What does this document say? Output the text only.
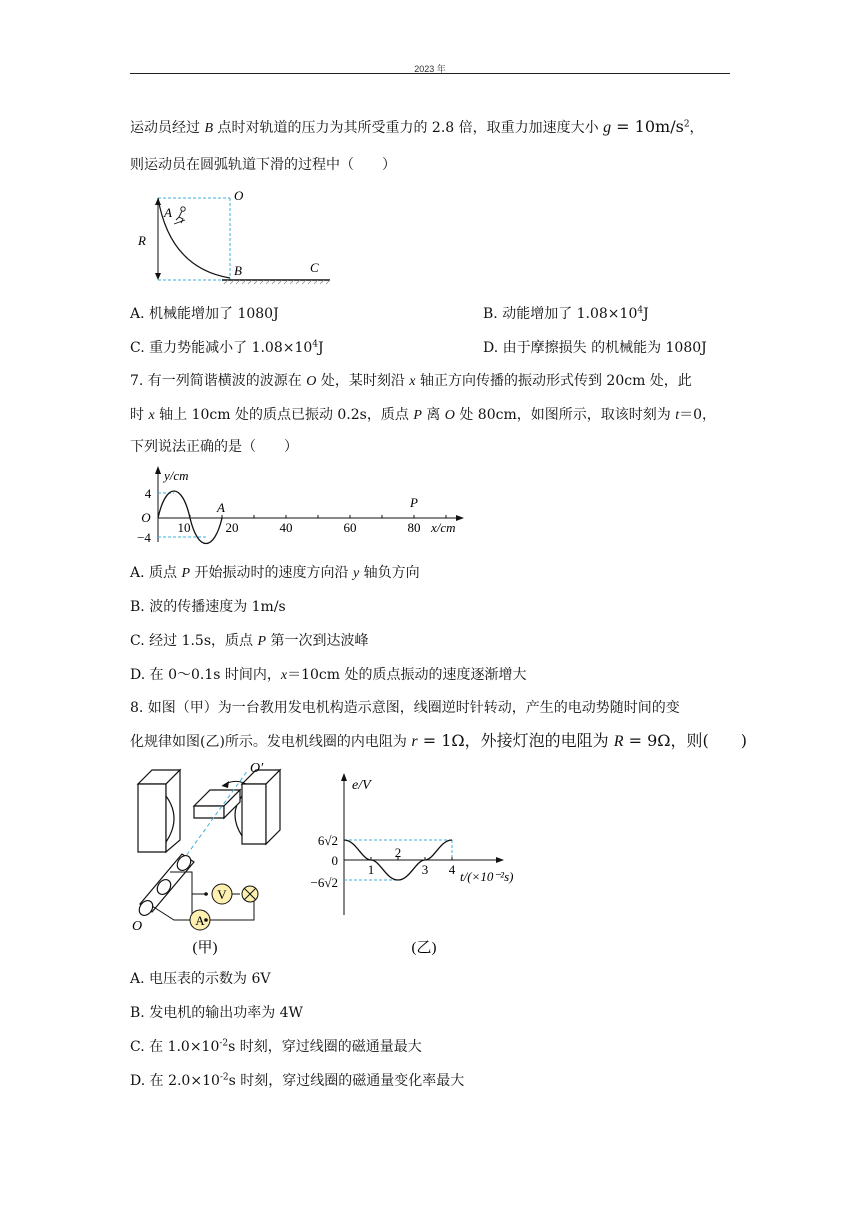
2023 年
运动员经过 B 点时对轨道的压力为其所受重力的 2.8 倍，取重力加速度大小 $g = 10m/s^2$，
则运动员在圆弧轨道下滑的过程中（　　）
O
A
R
B	C
A. 机械能增加了 1080J	B. 动能增加了 $1.08\times 10^4J$
C. 重力势能减小了 $1.08\times 10^4J$	D. 由于摩擦损失 的机械能为 1080J
7. 有一列简谐横波的波源在 O 处，某时刻沿 x 轴正方向传播的振动形式传到 20cm 处，此
时 x 轴上 10cm 处的质点已振动 0.2s，质点 P 离 O 处 80cm，如图所示，取该时刻为 t＝0，
下列说法正确的是（　　）
y/cm
4
O
−4
10	20	40	60	80
A	P
x/cm
A. 质点 P 开始振动时的速度方向沿 y 轴负方向
B. 波的传播速度为 1m/s
C. 经过 1.5s，质点 P 第一次到达波峰
D. 在 0～0.1s 时间内，x＝10cm 处的质点振动的速度逐渐增大
8. 如图（甲）为一台教用发电机构造示意图，线圈逆时针转动，产生的电动势随时间的变
化规律如图(乙)所示。发电机线圈的内电阻为 r = 1Ω，外接灯泡的电阻为 R = 9Ω，则(　　)
V
A
O′
O
(甲)
e/V
6√2
0
−6√2
1
2
3 4 t/(×10⁻²s)
(乙)
A. 电压表的示数为 6V
B. 发电机的输出功率为 4W
C. 在 $1.0\times 10^{-2}s$ 时刻，穿过线圈的磁通量最大
D. 在 $2.0\times 10^{-2}s$ 时刻，穿过线圈的磁通量变化率最大
